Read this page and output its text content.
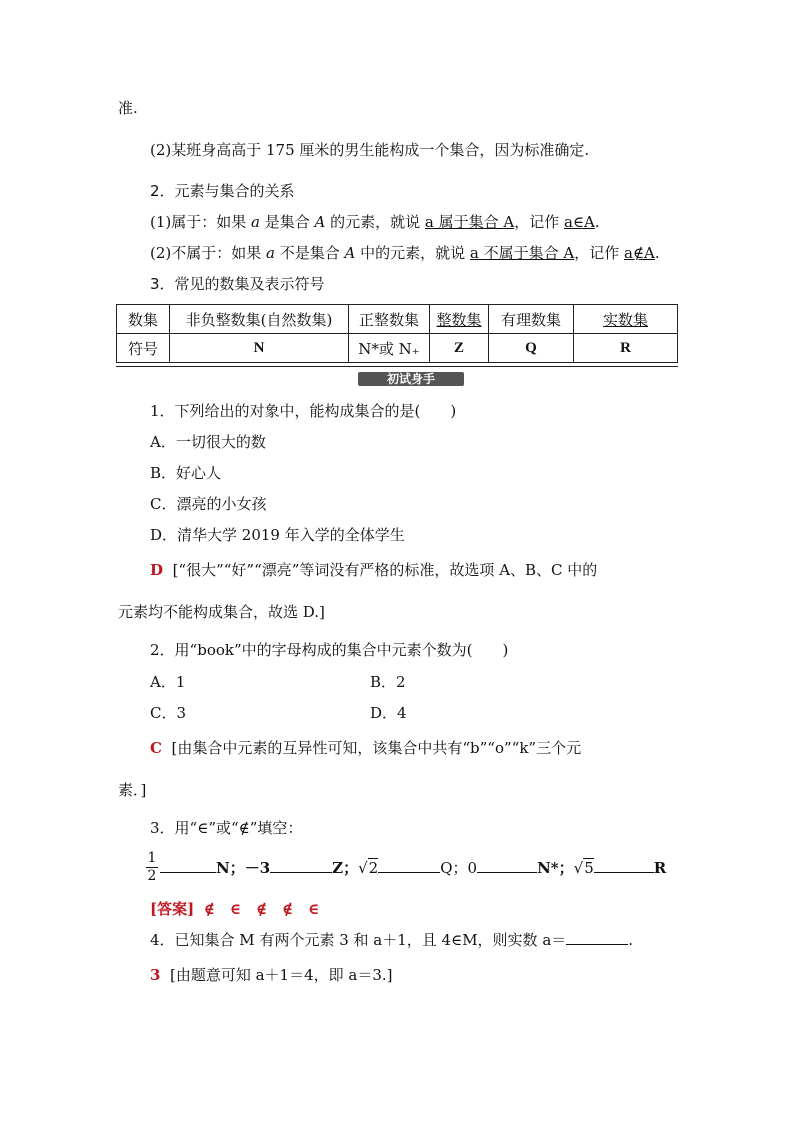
准.
(2)某班身高高于 175 厘米的男生能构成一个集合，因为标准确定.
2．元素与集合的关系
(1)属于：如果 a 是集合 A 的元素，就说 a 属于集合 A，记作 a∈A.
(2)不属于：如果 a 不是集合 A 中的元素，就说 a 不属于集合 A，记作 a∉A.
3．常见的数集及表示符号
数集	非负整数集(自然数集)	正整数集	整数集	有理数集	实数集
符号	N	N*或 N₊	Z	Q	R
初试身手
1．下列给出的对象中，能构成集合的是(　　)
A．一切很大的数
B．好心人
C．漂亮的小女孩
D．清华大学 2019 年入学的全体学生
D [“很大”“好”“漂亮”等词没有严格的标准，故选项 A、B、C 中的
元素均不能构成集合，故选 D.]
2．用“book”中的字母构成的集合中元素个数为(　　)
A．1	B．2
C．3	D．4
C [由集合中元素的互异性可知，该集合中共有“b”“o”“k”三个元
素．]
3．用“∈”或“∉”填空：
$\frac{1}{2}$	N；－3	Z；√2	Q；0	N*；√5	R
[答案] ∉　∈　∉　∉　∈
4．已知集合 M 有两个元素 3 和 a＋1，且 4∈M，则实数 a＝	.
3 [由题意可知 a＋1＝4，即 a＝3.]
